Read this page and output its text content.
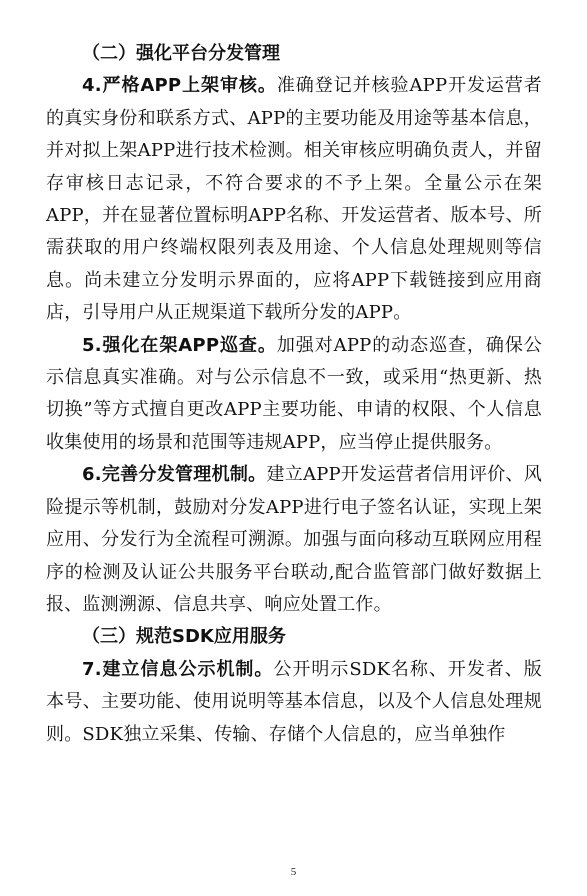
（二）强化平台分发管理

4.严格APP上架审核。准确登记并核验APP开发运营者的真实身份和联系方式、APP的主要功能及用途等基本信息，并对拟上架APP进行技术检测。相关审核应明确负责人，并留存审核日志记录，不符合要求的不予上架。全量公示在架APP，并在显著位置标明APP名称、开发运营者、版本号、所需获取的用户终端权限列表及用途、个人信息处理规则等信息。尚未建立分发明示界面的，应将APP下载链接到应用商店，引导用户从正规渠道下载所分发的APP。

5.强化在架APP巡查。加强对APP的动态巡查，确保公示信息真实准确。对与公示信息不一致，或采用“热更新、热切换”等方式擅自更改APP主要功能、申请的权限、个人信息收集使用的场景和范围等违规APP，应当停止提供服务。

6.完善分发管理机制。建立APP开发运营者信用评价、风险提示等机制，鼓励对分发APP进行电子签名认证，实现上架应用、分发行为全流程可溯源。加强与面向移动互联网应用程序的检测及认证公共服务平台联动,配合监管部门做好数据上报、监测溯源、信息共享、响应处置工作。

（三）规范SDK应用服务

7.建立信息公示机制。公开明示SDK名称、开发者、版本号、主要功能、使用说明等基本信息，以及个人信息处理规则。SDK独立采集、传输、存储个人信息的，应当单独作

5
